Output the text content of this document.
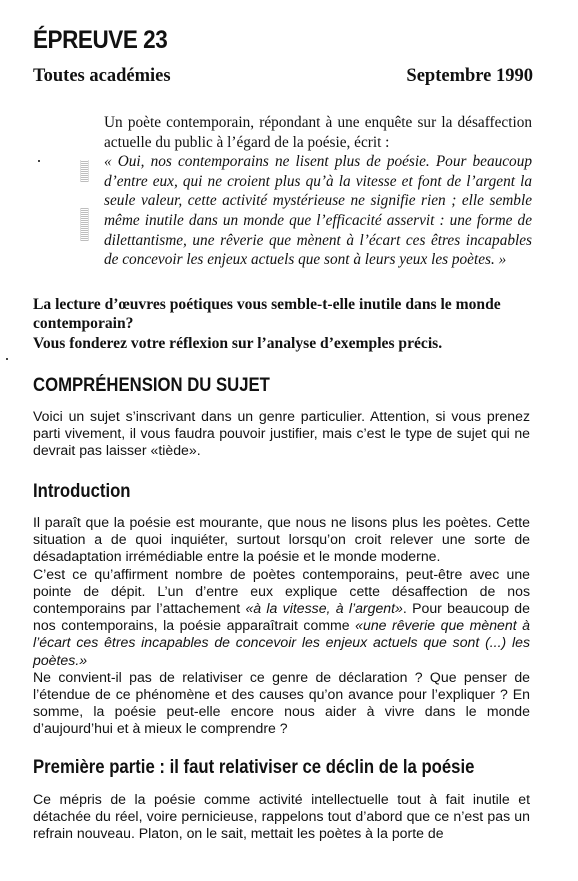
ÉPREUVE 23
Toutes académies	Septembre 1990

Un poète contemporain, répondant à une enquête sur la désaffection actuelle du public à l’égard de la poésie, écrit :

« Oui, nos contemporains ne lisent plus de poésie. Pour beaucoup d’entre eux, qui ne croient plus qu’à la vitesse et font de l’argent la seule valeur, cette activité mystérieuse ne signifie rien ; elle semble même inutile dans un monde que l’efficacité asservit : une forme de dilettantisme, une rêverie que mènent à l’écart ces êtres incapables de concevoir les enjeux actuels que sont à leurs yeux les poètes. »

La lecture d’œuvres poétiques vous semble-t-elle inutile dans le monde contemporain?

Vous fonderez votre réflexion sur l’analyse d’exemples précis.

COMPRÉHENSION DU SUJET

Voici un sujet s’inscrivant dans un genre particulier. Attention, si vous prenez parti vivement, il vous faudra pouvoir justifier, mais c’est le type de sujet qui ne devrait pas laisser «tiède».

Introduction

Il paraît que la poésie est mourante, que nous ne lisons plus les poètes. Cette situation a de quoi inquiéter, surtout lorsqu’on croit relever une sorte de désadaptation irrémédiable entre la poésie et le monde moderne.

C’est ce qu’affirment nombre de poètes contemporains, peut-être avec une pointe de dépit. L’un d’entre eux explique cette désaffection de nos contemporains par l’attachement «à la vitesse, à l’argent». Pour beaucoup de nos contemporains, la poésie apparaîtrait comme «une rêverie que mènent à l’écart ces êtres incapables de concevoir les enjeux actuels que sont (...) les poètes.»

Ne convient-il pas de relativiser ce genre de déclaration ? Que penser de l’étendue de ce phénomène et des causes qu’on avance pour l’expliquer ? En somme, la poésie peut-elle encore nous aider à vivre dans le monde d’aujourd’hui et à mieux le comprendre ?

Première partie : il faut relativiser ce déclin de la poésie

Ce mépris de la poésie comme activité intellectuelle tout à fait inutile et détachée du réel, voire pernicieuse, rappelons tout d’abord que ce n’est pas un refrain nouveau. Platon, on le sait, mettait les poètes à la porte de
